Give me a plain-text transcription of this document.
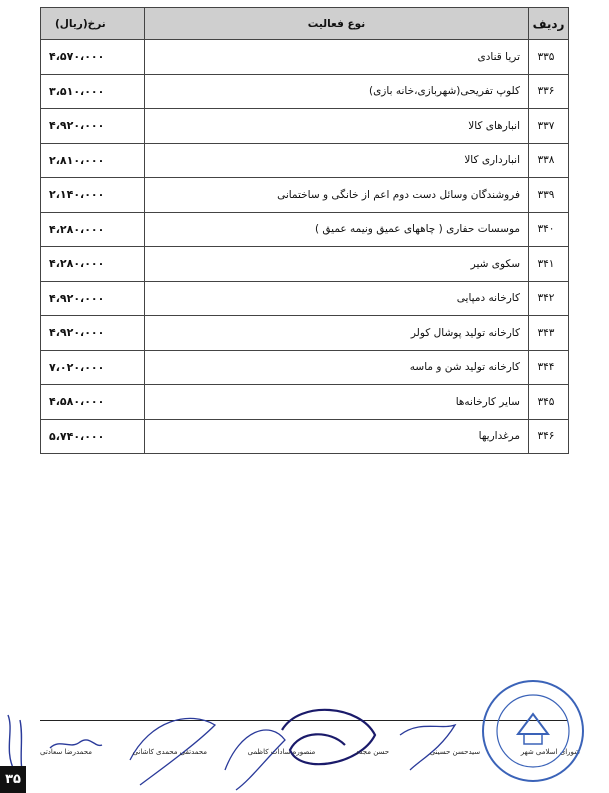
ردیف	نوع فعالیت	نرخ(ریال)
۳۳۵	تریا قنادی	۴،۵۷۰،۰۰۰
۳۳۶	کلوپ تفریحی(شهربازی،خانه بازی)	۳،۵۱۰،۰۰۰
۳۳۷	انبارهای کالا	۴،۹۲۰،۰۰۰
۳۳۸	انبارداری کالا	۲،۸۱۰،۰۰۰
۳۳۹	فروشندگان وسائل دست دوم اعم از خانگی و ساختمانی	۲،۱۴۰،۰۰۰
۳۴۰	موسسات حفاری ( چاههای عمیق ونیمه عمیق )	۴،۲۸۰،۰۰۰
۳۴۱	سکوی شیر	۴،۲۸۰،۰۰۰
۳۴۲	کارخانه دمپایی	۴،۹۲۰،۰۰۰
۳۴۳	کارخانه تولید پوشال کولر	۴،۹۲۰،۰۰۰
۳۴۴	کارخانه تولید شن و ماسه	۷،۰۲۰،۰۰۰
۳۴۵	سایر کارخانه‌ها	۴،۵۸۰،۰۰۰
۳۴۶	مرغداریها	۵،۷۴۰،۰۰۰
شورای اسلامی شهر
سیدحسن حسینی
حسن مجدد
منصوره سادات کاظمی
محمدتقی محمدی کاشانی
محمدرضا سعادتی
۳۵
